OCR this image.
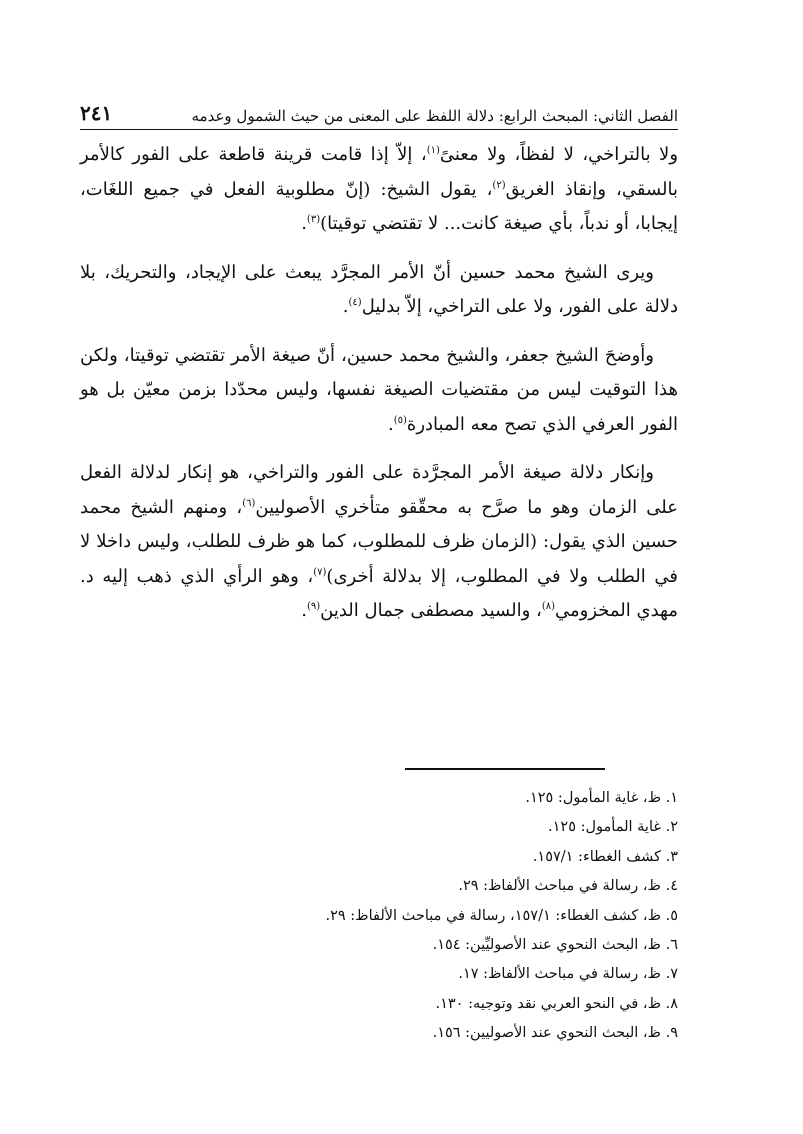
الفصل الثاني: المبحث الرابع: دلالة اللفظ على المعنى من حيث الشمول وعدمه
٢٤١

ولا بالتراخي، لا لفظاً، ولا معنىً$^{(١)}$، إلاّ إذا قامت قرينة قاطعة على الفور كالأمر بالسقي، وإنقاذ الغريق$^{(٢)}$، يقول الشيخ: (إنّ مطلوبية الفعل في جميع اللغَات، إيجابا، أو ندباً، بأي صيغة كانت... لا تقتضي توقيتا)$^{(٣)}$.

ويرى الشيخ محمد حسين أنّ الأمر المجرَّد يبعث على الإيجاد، والتحريك، بلا دلالة على الفور، ولا على التراخي، إلاّ بدليل$^{(٤)}$.

وأوضحَ الشيخ جعفر، والشيخ محمد حسين، أنّ صيغة الأمر تقتضي توقيتا، ولكن هذا التوقيت ليس من مقتضيات الصيغة نفسها، وليس محدّدا بزمن معيّن بل هو الفور العرفي الذي تصح معه المبادرة$^{(٥)}$.

وإنكار دلالة صيغة الأمر المجرَّدة على الفور والتراخي، هو إنكار لدلالة الفعل على الزمان وهو ما صرَّح به محقّقو متأخري الأصوليين$^{(٦)}$، ومنهم الشيخ محمد حسين الذي يقول: (الزمان ظرف للمطلوب، كما هو ظرف للطلب، وليس داخلا لا في الطلب ولا في المطلوب، إلا بدلالة أخرى)$^{(٧)}$، وهو الرأي الذي ذهب إليه د. مهدي المخزومي$^{(٨)}$، والسيد مصطفى جمال الدين$^{(٩)}$.

١. ظ، غاية المأمول: ١٢٥.
٢. غاية المأمول: ١٢٥.
٣. كشف الغطاء: ١٥٧/١.
٤. ظ، رسالة في مباحث الألفاظ: ٢٩.
٥. ظ، كشف الغطاء: ١٥٧/١، رسالة في مباحث الألفاظ: ٢٩.
٦. ظ، البحث النحوي عند الأصوليِّين: ١٥٤.
٧. ظ، رسالة في مباحث الألفاظ: ١٧.
٨. ظ، في النحو العربي نقد وتوجيه: ١٣٠.
٩. ظ، البحث النحوي عند الأصوليين: ١٥٦.
